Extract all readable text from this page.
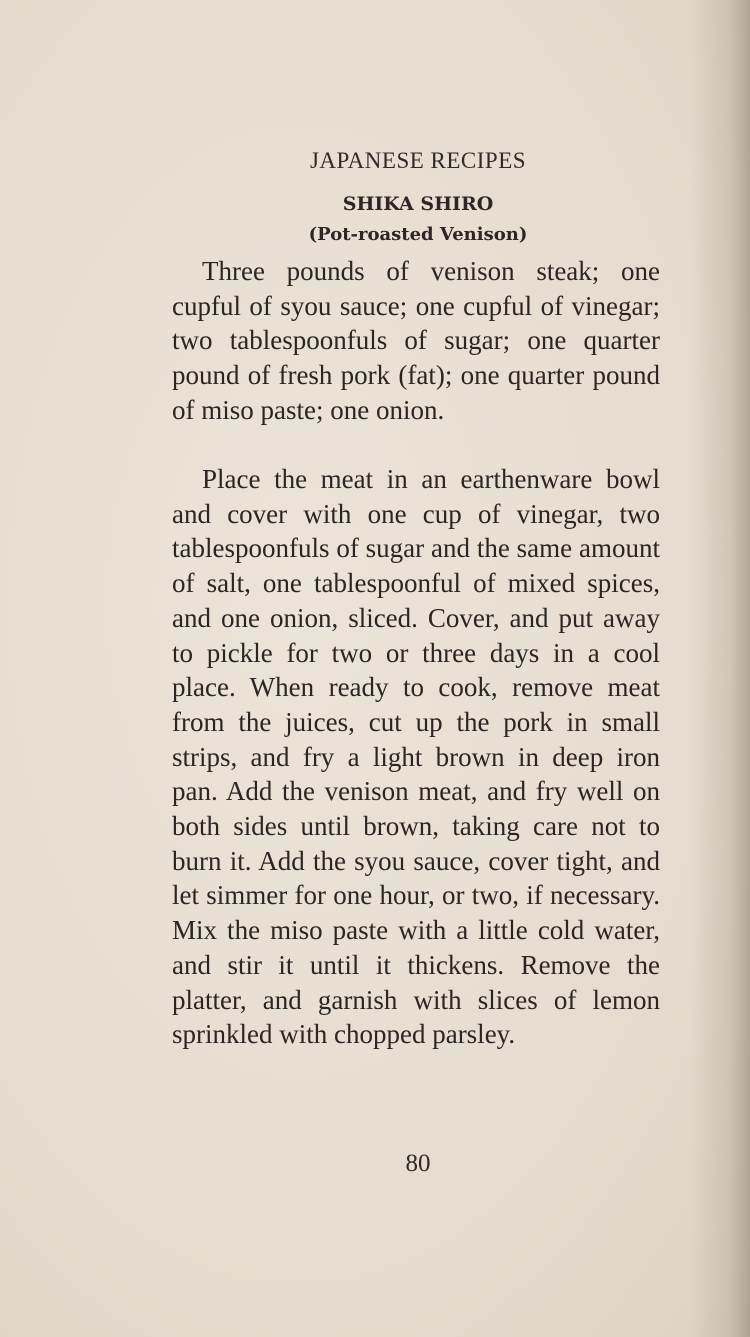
JAPANESE RECIPES
SHIKA SHIRO
(Pot-roasted Venison)

Three pounds of venison steak; one cupful of syou sauce; one cupful of vinegar; two tablespoonfuls of sugar; one quarter pound of fresh pork (fat); one quarter pound of miso paste; one onion.

Place the meat in an earthenware bowl and cover with one cup of vinegar, two tablespoonfuls of sugar and the same amount of salt, one tablespoonful of mixed spices, and one onion, sliced. Cover, and put away to pickle for two or three days in a cool place. When ready to cook, remove meat from the juices, cut up the pork in small strips, and fry a light brown in deep iron pan. Add the venison meat, and fry well on both sides until brown, taking care not to burn it. Add the syou sauce, cover tight, and let simmer for one hour, or two, if necessary. Mix the miso paste with a little cold water, and stir it until it thickens. Remove the platter, and garnish with slices of lemon sprinkled with chopped parsley.

80
